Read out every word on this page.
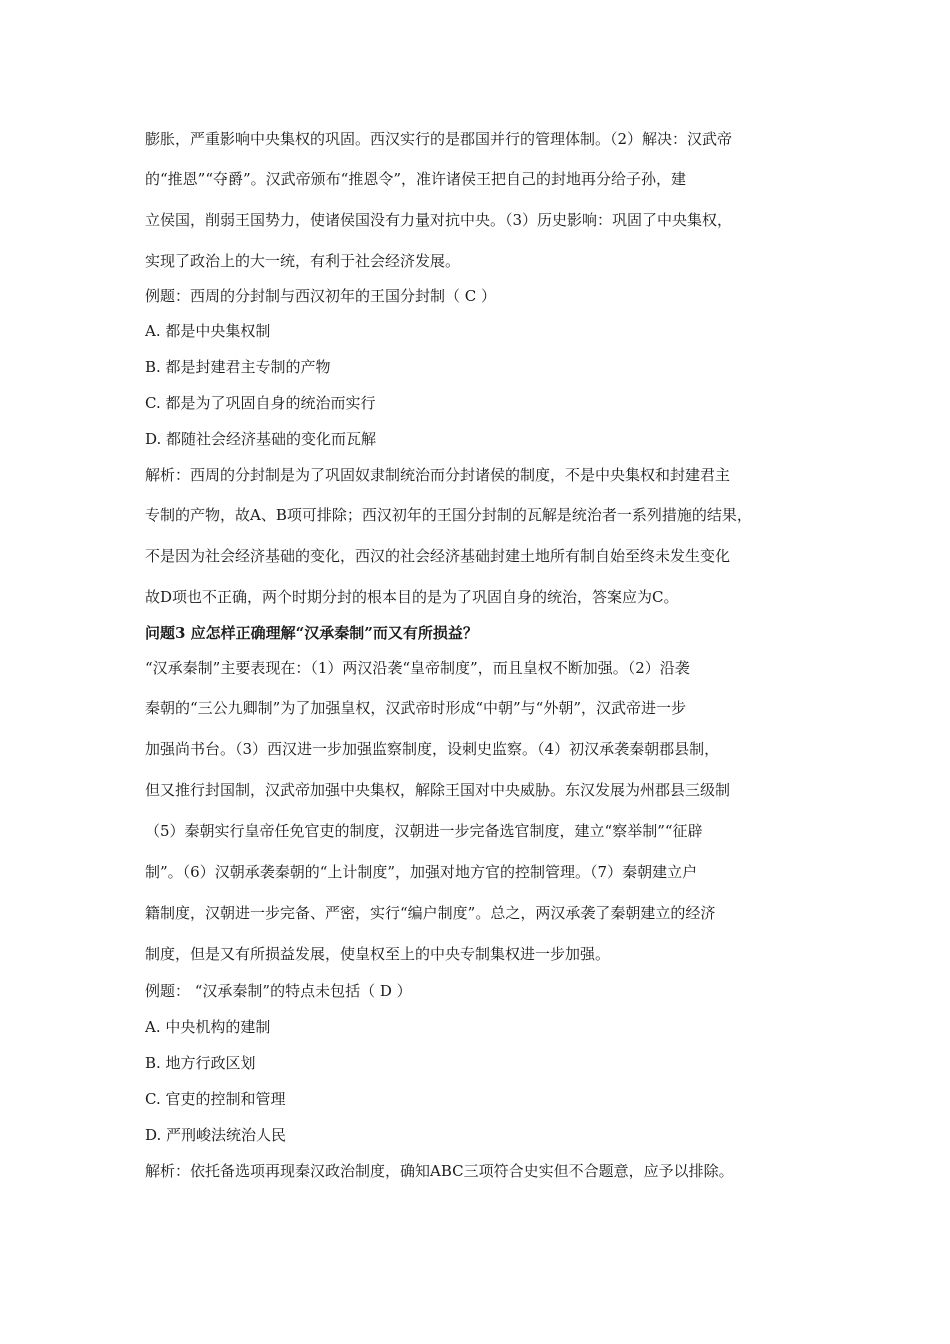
膨胀，严重影响中央集权的巩固。西汉实行的是郡国并行的管理体制。（2）解决：汉武帝
的“推恩”“夺爵”。汉武帝颁布“推恩令”，准许诸侯王把自己的封地再分给子孙，建
立侯国，削弱王国势力，使诸侯国没有力量对抗中央。（3）历史影响：巩固了中央集权，
实现了政治上的大一统，有利于社会经济发展。
例题：西周的分封制与西汉初年的王国分封制（ C ）
A. 都是中央集权制
B. 都是封建君主专制的产物
C. 都是为了巩固自身的统治而实行
D. 都随社会经济基础的变化而瓦解
解析：西周的分封制是为了巩固奴隶制统治而分封诸侯的制度，不是中央集权和封建君主
专制的产物，故A、B项可排除；西汉初年的王国分封制的瓦解是统治者一系列措施的结果，
不是因为社会经济基础的变化，西汉的社会经济基础封建土地所有制自始至终未发生变化
故D项也不正确，两个时期分封的根本目的是为了巩固自身的统治，答案应为C。
问题3 应怎样正确理解“汉承秦制”而又有所损益？
“汉承秦制”主要表现在：（1）两汉沿袭“皇帝制度”，而且皇权不断加强。（2）沿袭
秦朝的“三公九卿制”为了加强皇权，汉武帝时形成“中朝”与“外朝”，汉武帝进一步
加强尚书台。（3）西汉进一步加强监察制度，设刺史监察。（4）初汉承袭秦朝郡县制，
但又推行封国制，汉武帝加强中央集权，解除王国对中央威胁。东汉发展为州郡县三级制
（5）秦朝实行皇帝任免官吏的制度，汉朝进一步完备选官制度，建立“察举制”“征辟
制”。（6）汉朝承袭秦朝的“上计制度”，加强对地方官的控制管理。（7）秦朝建立户
籍制度，汉朝进一步完备、严密，实行“编户制度”。总之，两汉承袭了秦朝建立的经济
制度，但是又有所损益发展，使皇权至上的中央专制集权进一步加强。
例题： “汉承秦制”的特点未包括（ D ）
A. 中央机构的建制
B. 地方行政区划
C. 官吏的控制和管理
D. 严刑峻法统治人民
解析：依托备选项再现秦汉政治制度，确知ABC三项符合史实但不合题意，应予以排除。
